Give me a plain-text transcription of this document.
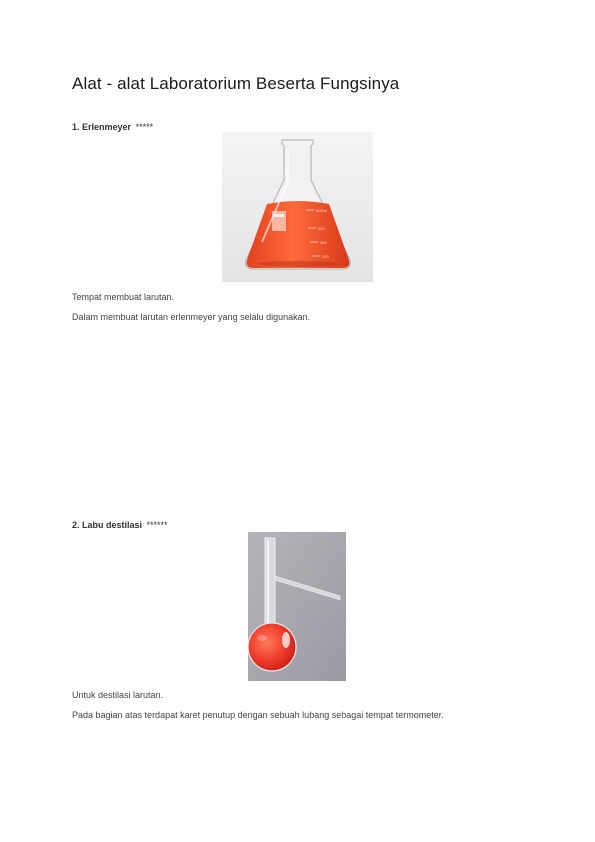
Alat - alat Laboratorium Beserta Fungsinya
1. Erlenmeyer *****
500ml
400
300
200

Tempat membuat larutan.

Dalam membuat larutan erlenmeyer yang selalu digunakan.

2. Labu destilasi ******

Untuk destilasi larutan.

Pada bagian atas terdapat karet penutup dengan sebuah lubang sebagai tempat termometer.
